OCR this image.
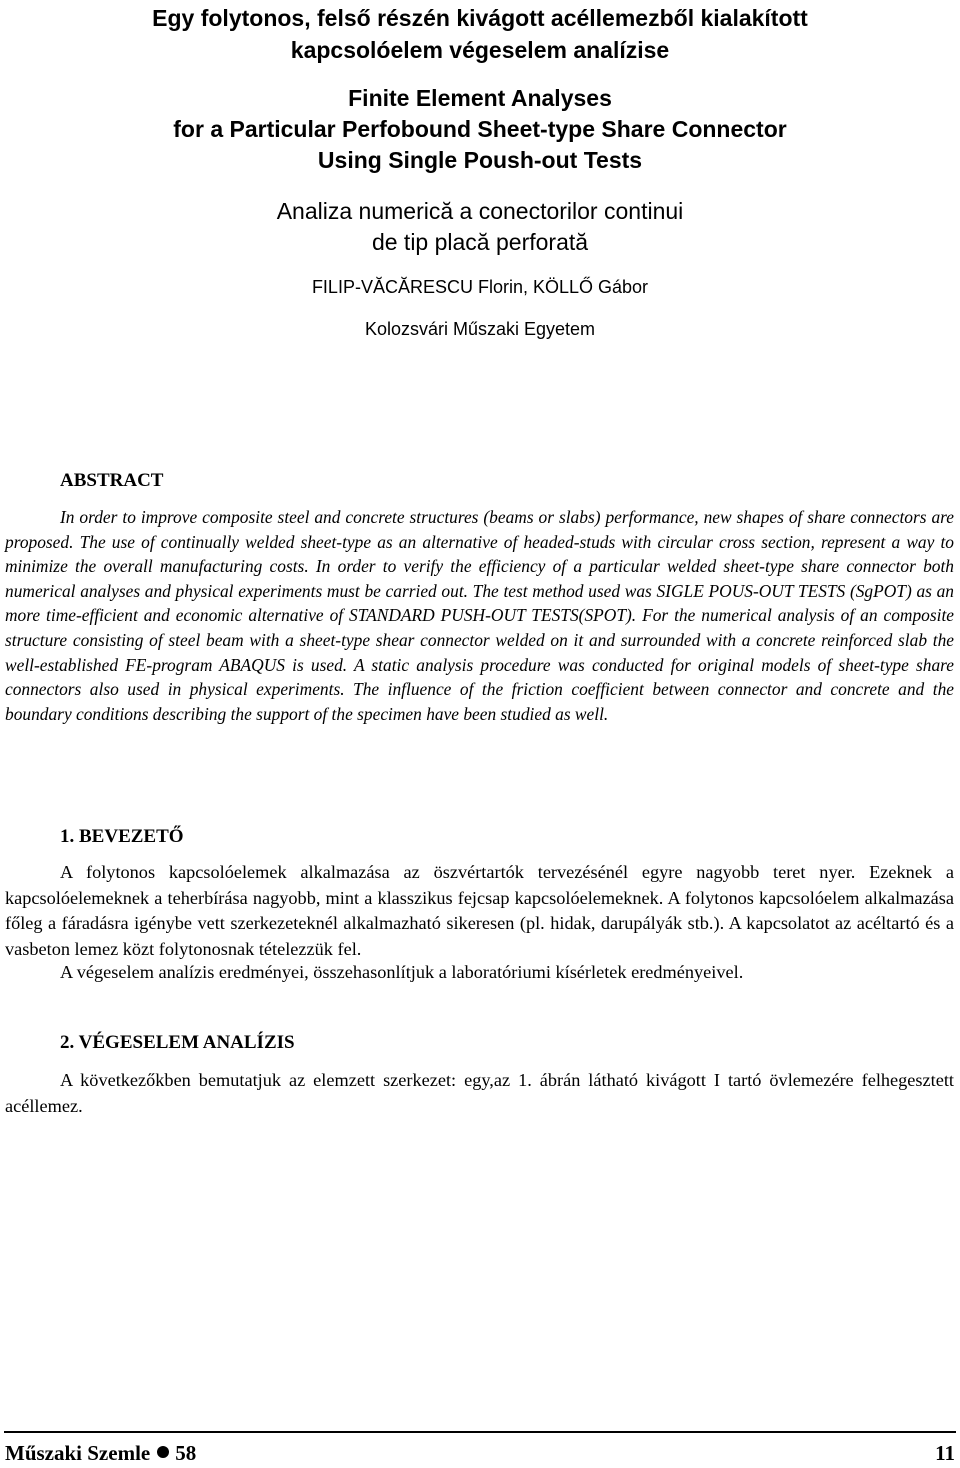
Egy folytonos, felső részén kivágott acéllemezből kialakított
kapcsolóelem végeselem analízise
Finite Element Analyses
for a Particular Perfobound Sheet-type Share Connector
Using Single Poush-out Tests
Analiza numerică a conectorilor continui
de tip placă perforată
FILIP-VĂCĂRESCU Florin, KÖLLŐ Gábor
Kolozsvári Műszaki Egyetem
ABSTRACT

In order to improve composite steel and concrete structures (beams or slabs) performance, new shapes of share connectors are proposed. The use of continually welded sheet-type as an alternative of headed-studs with circular cross section, represent a way to minimize the overall manufacturing costs. In order to verify the efficiency of a particular welded sheet-type share connector both numerical analyses and physical experiments must be carried out. The test method used was SIGLE POUS-OUT TESTS (SgPOT) as an more time-efficient and economic alternative of STANDARD PUSH-OUT TESTS(SPOT). For the numerical analysis of an composite structure consisting of steel beam with a sheet-type shear connector welded on it and surrounded with a concrete reinforced slab the well-established FE-program ABAQUS is used. A static analysis procedure was conducted for original models of sheet-type share connectors also used in physical experiments. The influence of the friction coefficient between connector and concrete and the boundary conditions describing the support of the specimen have been studied as well.

1. BEVEZETŐ

A folytonos kapcsolóelemek alkalmazása az öszvértartók tervezésénél egyre nagyobb teret nyer. Ezeknek a kapcsolóelemeknek a teherbírása nagyobb, mint a klasszikus fejcsap kapcsolóelemeknek. A folytonos kapcsolóelem alkalmazása főleg a fáradásra igénybe vett szerkezeteknél alkalmazható sikeresen (pl. hidak, darupályák stb.). A kapcsolatot az acéltartó és a vasbeton lemez közt folytonosnak tételezzük fel.

A végeselem analízis eredményei, összehasonlítjuk a laboratóriumi kísérletek eredményeivel.

2. VÉGESELEM ANALÍZIS

A következőkben bemutatjuk az elemzett szerkezet: egy,az 1. ábrán látható kivágott I tartó övlemezére felhegesztett acéllemez.

Műszaki Szemle 58	11
